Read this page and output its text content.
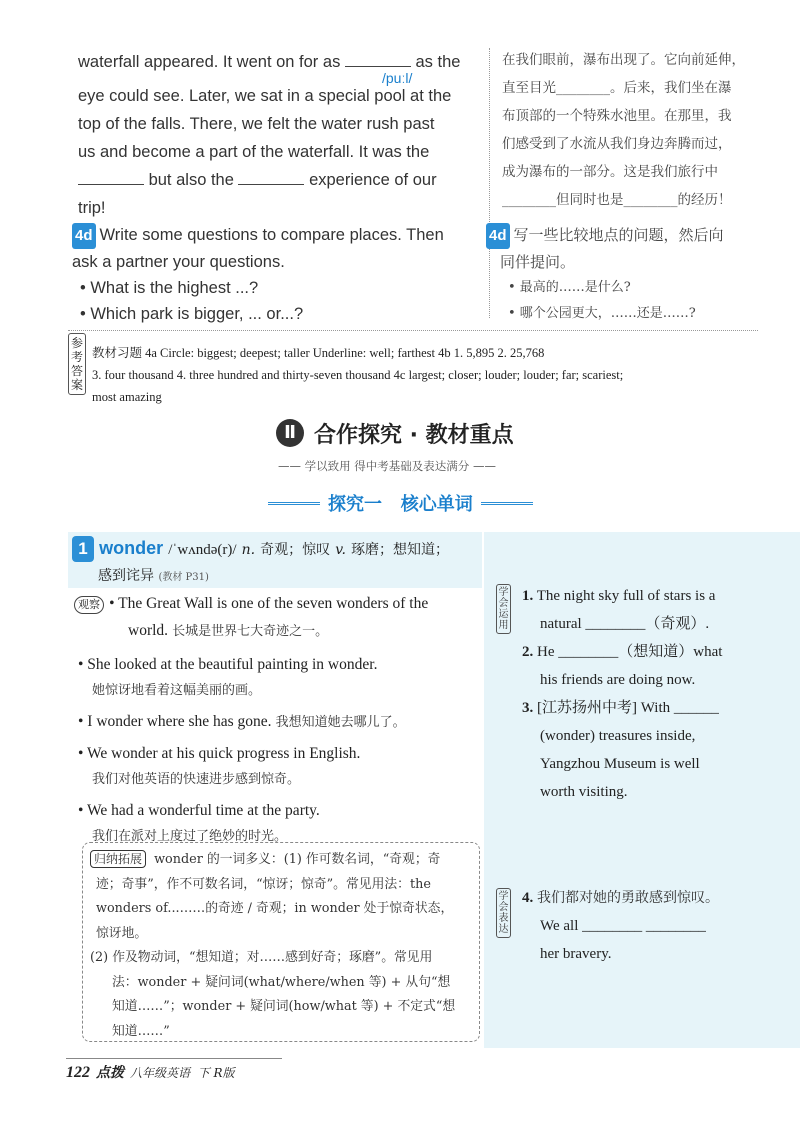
waterfall appeared. It went on for as	as the
eye could see. Later, we sat in a special pool at the
top of the falls. There, we felt the water rush past
us and become a part of the waterfall. It was the
but also the	experience of our
trip!
/puːl/
在我们眼前，瀑布出现了。它向前延伸，
直至目光________。后来，我们坐在瀑
布顶部的一个特殊水池里。在那里，我
们感受到了水流从我们身边奔腾而过，
成为瀑布的一部分。这是我们旅行中
________但同时也是________的经历！
4d Write some questions to compare places. Then
ask a partner your questions.
• What is the highest ...?
• Which park is bigger, ... or...?
4d 写一些比较地点的问题，然后向
同伴提问。
• 最高的……是什么?
• 哪个公园更大，……还是……?
参考答案
教材习题 4a Circle: biggest; deepest; taller Underline: well; farthest 4b 1. 5,895 2. 25,768
3. four thousand 4. three hundred and thirty-seven thousand 4c largest; closer; louder; louder; far; scariest;
most amazing
Ⅱ 合作探究 · 教材重点
—— 学以致用 得中考基础及表达满分 ——
探究一   核心单词
1 wonder /ˈwʌndə(r)/ n. 奇观；惊叹 v. 琢磨；想知道；
感到诧异 (教材 P31)
观察 • The Great Wall is one of the seven wonders of the
world. 长城是世界七大奇迹之一。
• She looked at the beautiful painting in wonder.
她惊讶地看着这幅美丽的画。
• I wonder where she has gone. 我想知道她去哪儿了。
• We wonder at his quick progress in English.
我们对他英语的快速进步感到惊奇。
• We had a wonderful time at the party.
我们在派对上度过了绝妙的时光。
归纳拓展 wonder 的一词多义：(1) 作可数名词，“奇观；奇
迹；奇事”，作不可数名词，“惊讶；惊奇”。常见用法：the
wonders of...……的奇迹 / 奇观；in wonder 处于惊奇状态，
惊讶地。
(2) 作及物动词，“想知道；对……感到好奇；琢磨”。常见用
法：wonder + 疑问词(what/where/when 等) + 从句“想
知道……”；wonder + 疑问词(how/what 等) + 不定式“想
知道……”
学会运用
1. The night sky full of stars is a
natural ________（奇观）.
2. He ________（想知道）what
his friends are doing now.
3. [江苏扬州中考] With ______
(wonder) treasures inside,
Yangzhou Museum is well
worth visiting.
学会表达
4. 我们都对她的勇敢感到惊叹。
We all ________ ________
her bravery.
122 点拨 八年级英语  下 R版
